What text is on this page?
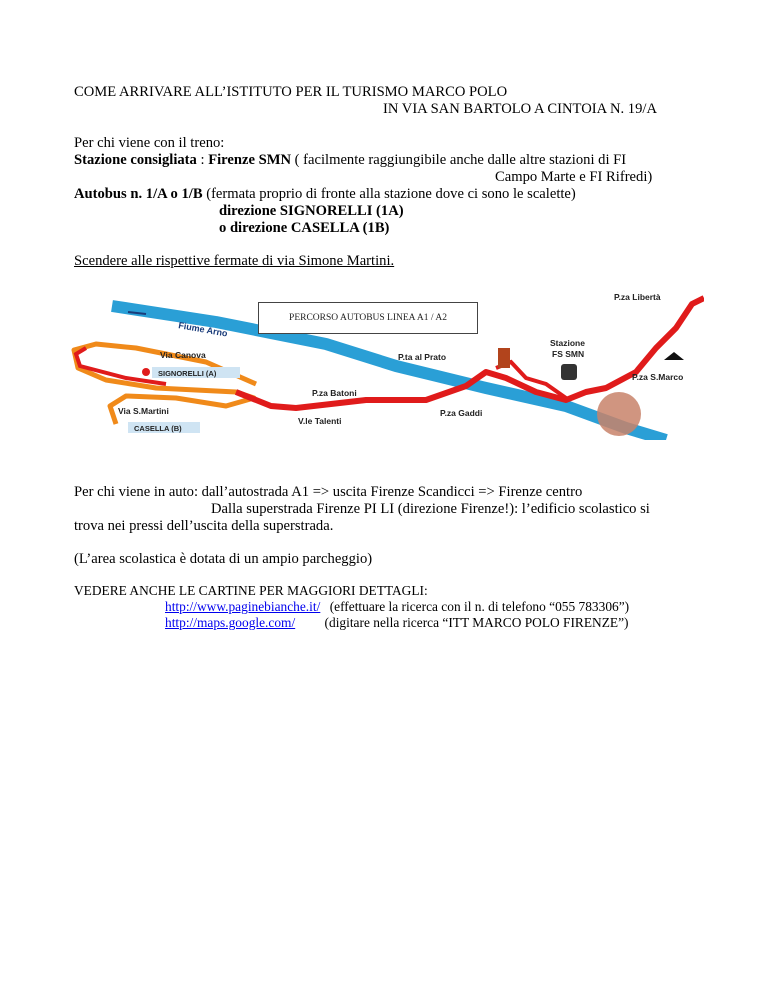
COME ARRIVARE ALL’ISTITUTO PER IL TURISMO MARCO POLO
IN VIA SAN BARTOLO A CINTOIA N. 19/A
Per chi viene con il treno:
Stazione consigliata : Firenze SMN ( facilmente raggiungibile anche dalle altre stazioni di FI
Campo Marte e FI Rifredi)
Autobus n. 1/A o 1/B (fermata proprio di fronte alla stazione dove ci sono le scalette)
direzione SIGNORELLI (1A)
o direzione CASELLA (1B)
Scendere alle rispettive fermate di via Simone Martini.
Fiume Arno
Via Canova
SIGNORELLI (A)
Via S.Martini
CASELLA (B)
P.za Batoni
V.le Talenti
P.ta al Prato
P.za Gaddi
Stazione
FS SMN
P.za Libertà
P.za S.Marco
PERCORSO AUTOBUS LINEA A1 / A2
Per chi viene in auto: dall’autostrada A1 => uscita Firenze Scandicci => Firenze centro
Dalla superstrada Firenze PI LI (direzione Firenze!): l’edificio scolastico si
trova nei pressi dell’uscita della superstrada.
(L’area scolastica è dotata di un ampio parcheggio)
VEDERE ANCHE LE CARTINE PER MAGGIORI DETTAGLI:
http://www.paginebianche.it/ (effettuare la ricerca con il n. di telefono “055 783306”)
http://maps.google.com/ (digitare nella ricerca “ITT MARCO POLO FIRENZE”)
